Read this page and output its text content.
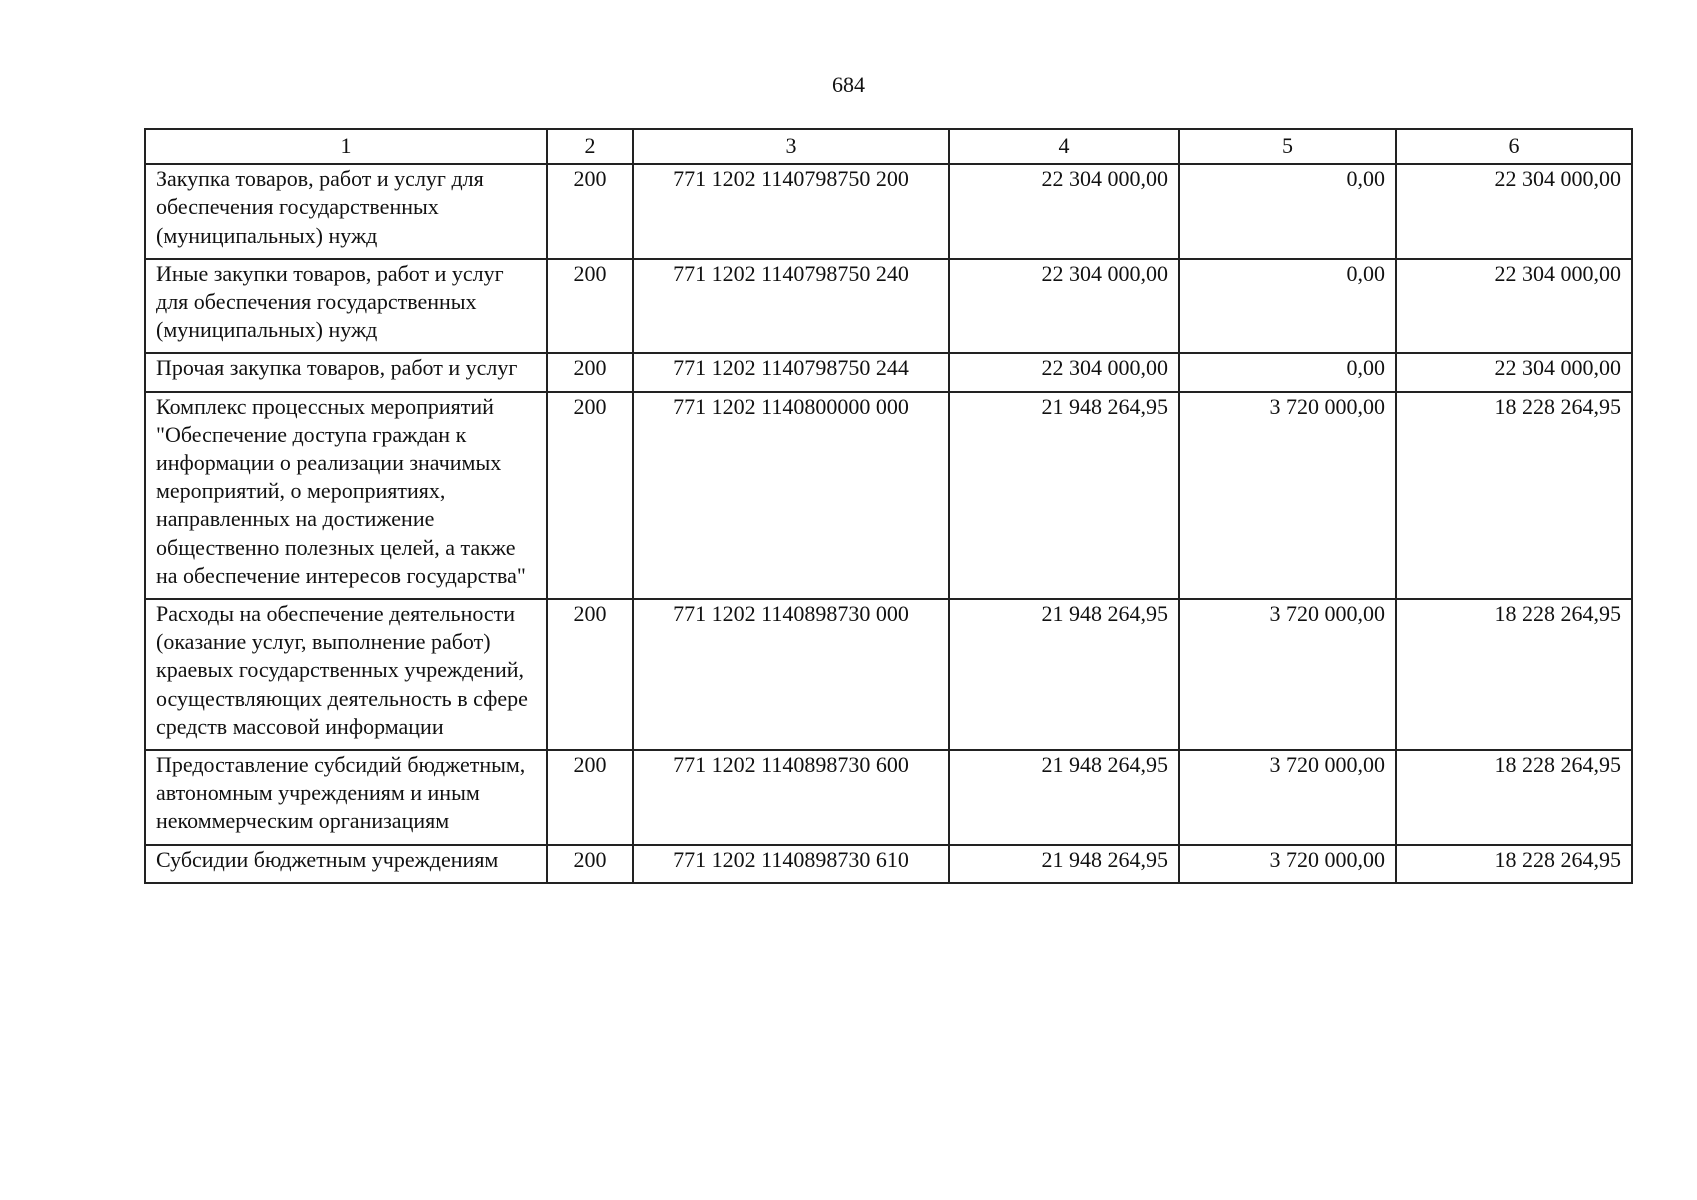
684
1	2	3	4	5	6
Закупка товаров, работ и услуг для обеспечения государственных (муниципальных) нужд	200	771 1202 1140798750 200	22 304 000,00	0,00	22 304 000,00
Иные закупки товаров, работ и услуг для обеспечения государственных (муниципальных) нужд	200	771 1202 1140798750 240	22 304 000,00	0,00	22 304 000,00
Прочая закупка товаров, работ и услуг	200	771 1202 1140798750 244	22 304 000,00	0,00	22 304 000,00
Комплекс процессных мероприятий "Обеспечение доступа граждан к информации о реализации значимых мероприятий, о мероприятиях, направленных на достижение общественно полезных целей, а также на обеспечение интересов государства"	200	771 1202 1140800000 000	21 948 264,95	3 720 000,00	18 228 264,95
Расходы на обеспечение деятельности (оказание услуг, выполнение работ) краевых государственных учреждений, осуществляющих деятельность в сфере средств массовой информации	200	771 1202 1140898730 000	21 948 264,95	3 720 000,00	18 228 264,95
Предоставление субсидий бюджетным, автономным учреждениям и иным некоммерческим организациям	200	771 1202 1140898730 600	21 948 264,95	3 720 000,00	18 228 264,95
Субсидии бюджетным учреждениям	200	771 1202 1140898730 610	21 948 264,95	3 720 000,00	18 228 264,95
